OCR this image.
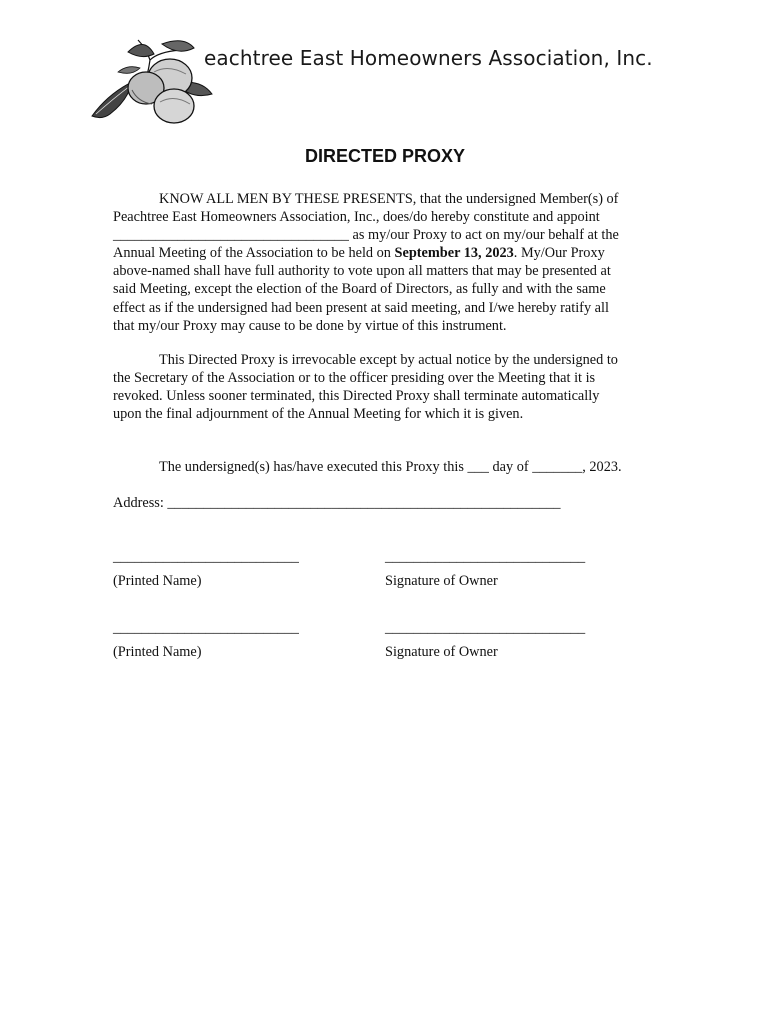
eachtree East Homeowners Association, Inc.
DIRECTED PROXY
KNOW ALL MEN BY THESE PRESENTS, that the undersigned Member(s) of
Peachtree East Homeowners Association, Inc., does/do hereby constitute and appoint
_________________________________ as my/our Proxy to act on my/our behalf at the
Annual Meeting of the Association to be held on September 13, 2023. My/Our Proxy
above-named shall have full authority to vote upon all matters that may be presented at
said Meeting, except the election of the Board of Directors, as fully and with the same
effect as if the undersigned had been present at said meeting, and I/we hereby ratify all
that my/our Proxy may cause to be done by virtue of this instrument.
This Directed Proxy is irrevocable except by actual notice by the undersigned to
the Secretary of the Association or to the officer presiding over the Meeting that it is
revoked. Unless sooner terminated, this Directed Proxy shall terminate automatically
upon the final adjournment of the Annual Meeting for which it is given.
The undersigned(s) has/have executed this Proxy this ___ day of _______, 2023.
Address: _______________________________________________________
__________________________
(Printed Name)
____________________________
Signature of Owner
__________________________
(Printed Name)
____________________________
Signature of Owner
